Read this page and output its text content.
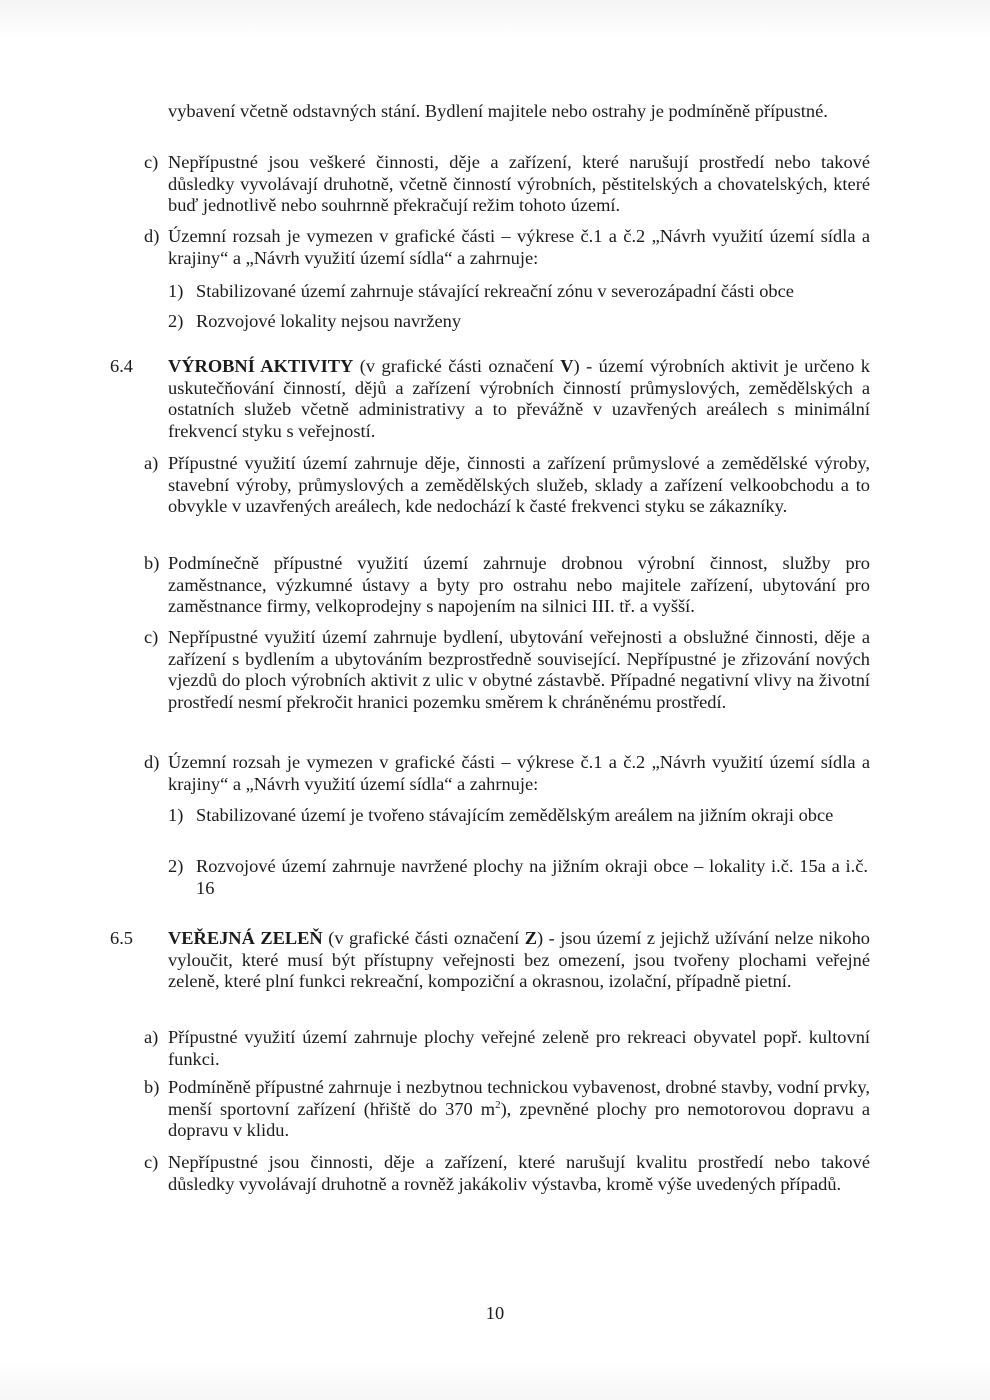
vybavení včetně odstavných stání. Bydlení majitele nebo ostrahy je podmíněně přípustné.
c) Nepřípustné jsou veškeré činnosti, děje a zařízení, které narušují prostředí nebo takové důsledky vyvolávají druhotně, včetně činností výrobních, pěstitelských a chovatelských, které buď jednotlivě nebo souhrnně překračují režim tohoto území.
d) Územní rozsah je vymezen v grafické části – výkrese č.1 a č.2 „Návrh využití území sídla a krajiny“ a „Návrh využití území sídla“ a zahrnuje:
1) Stabilizované území zahrnuje stávající rekreační zónu v severozápadní části obce
2) Rozvojové lokality nejsou navrženy
6.4 VÝROBNÍ AKTIVITY (v grafické části označení V) - území výrobních aktivit je určeno k uskutečňování činností, dějů a zařízení výrobních činností průmyslových, zemědělských a ostatních služeb včetně administrativy a to převážně v uzavřených areálech s minimální frekvencí styku s veřejností.
a) Přípustné využití území zahrnuje děje, činnosti a zařízení průmyslové a zemědělské výroby, stavební výroby, průmyslových a zemědělských služeb, sklady a zařízení velkoobchodu a to obvykle v uzavřených areálech, kde nedochází k časté frekvenci styku se zákazníky.
b) Podmínečně přípustné využití území zahrnuje drobnou výrobní činnost, služby pro zaměstnance, výzkumné ústavy a byty pro ostrahu nebo majitele zařízení, ubytování pro zaměstnance firmy, velkoprodejny s napojením na silnici III. tř. a vyšší.
c) Nepřípustné využití území zahrnuje bydlení, ubytování veřejnosti a obslužné činnosti, děje a zařízení s bydlením a ubytováním bezprostředně související. Nepřípustné je zřizování nových vjezdů do ploch výrobních aktivit z ulic v obytné zástavbě. Případné negativní vlivy na životní prostředí nesmí překročit hranici pozemku směrem k chráněnému prostředí.
d) Územní rozsah je vymezen v grafické části – výkrese č.1 a č.2 „Návrh využití území sídla a krajiny“ a „Návrh využití území sídla“ a zahrnuje:
1) Stabilizované území je tvořeno stávajícím zemědělským areálem na jižním okraji obce
2) Rozvojové území zahrnuje navržené plochy na jižním okraji obce – lokality i.č. 15a a i.č. 16
6.5 VEŘEJNÁ ZELEŇ (v grafické části označení Z) - jsou území z jejichž užívání nelze nikoho vyloučit, které musí být přístupny veřejnosti bez omezení, jsou tvořeny plochami veřejné zeleně, které plní funkci rekreační, kompoziční a okrasnou, izolační, případně pietní.
a) Přípustné využití území zahrnuje plochy veřejné zeleně pro rekreaci obyvatel popř. kultovní funkci.
b) Podmíněně přípustné zahrnuje i nezbytnou technickou vybavenost, drobné stavby, vodní prvky, menší sportovní zařízení (hřiště do 370 $m^2$), zpevněné plochy pro nemotorovou dopravu a dopravu v klidu.
c) Nepřípustné jsou činnosti, děje a zařízení, které narušují kvalitu prostředí nebo takové důsledky vyvolávají druhotně a rovněž jakákoliv výstavba, kromě výše uvedených případů.
10
